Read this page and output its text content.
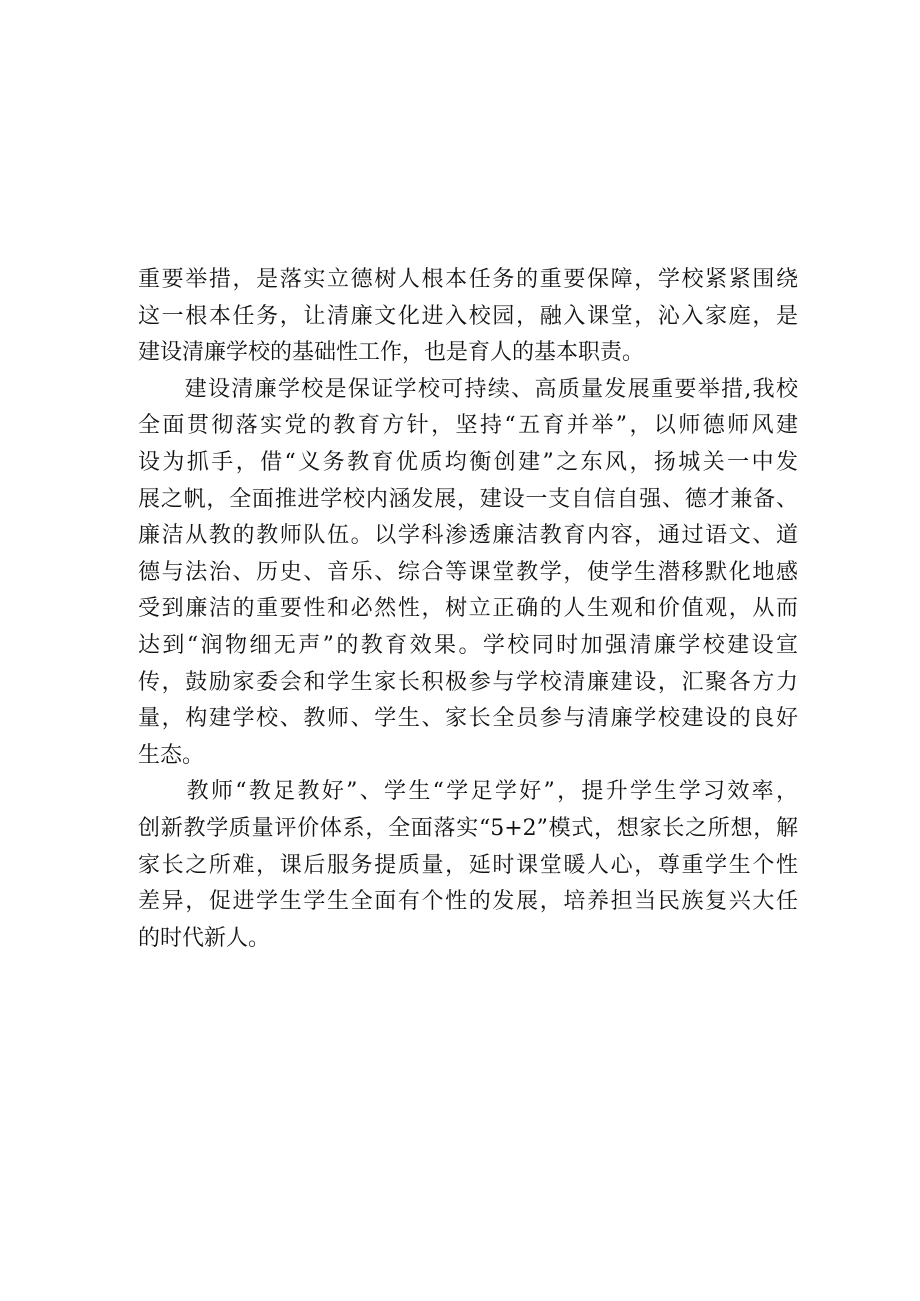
重要举措，是落实立德树人根本任务的重要保障，学校紧紧围绕
这一根本任务，让清廉文化进入校园，融入课堂，沁入家庭，是
建设清廉学校的基础性工作，也是育人的基本职责。
　　建设清廉学校是保证学校可持续、高质量发展重要举措,我校
全面贯彻落实党的教育方针，坚持“五育并举”，以师德师风建
设为抓手，借“义务教育优质均衡创建”之东风，扬城关一中发
展之帆，全面推进学校内涵发展，建设一支自信自强、德才兼备、
廉洁从教的教师队伍。以学科渗透廉洁教育内容，通过语文、道
德与法治、历史、音乐、综合等课堂教学，使学生潜移默化地感
受到廉洁的重要性和必然性，树立正确的人生观和价值观，从而
达到“润物细无声”的教育效果。学校同时加强清廉学校建设宣
传，鼓励家委会和学生家长积极参与学校清廉建设，汇聚各方力
量，构建学校、教师、学生、家长全员参与清廉学校建设的良好
生态。
　　教师“教足教好”、学生“学足学好”，提升学生学习效率，
创新教学质量评价体系，全面落实“5+2”模式，想家长之所想，解
家长之所难，课后服务提质量，延时课堂暖人心，尊重学生个性
差异，促进学生学生全面有个性的发展，培养担当民族复兴大任
的时代新人。
